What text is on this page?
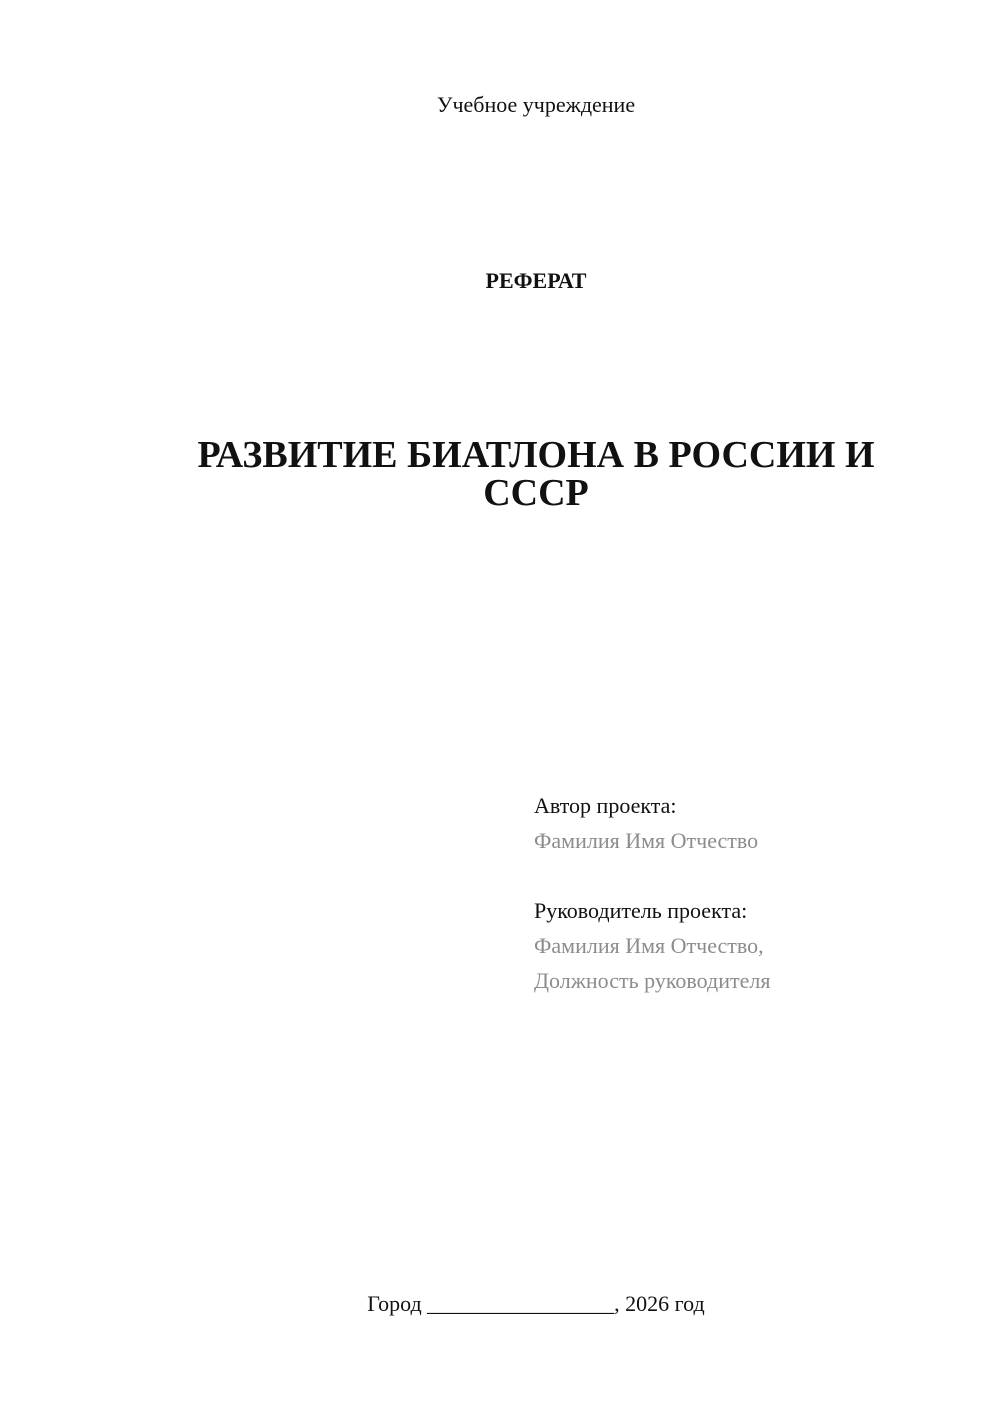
Учебное учреждение
РЕФЕРАТ
РАЗВИТИЕ БИАТЛОНА В РОССИИ И
СССР
Автор проекта:
Фамилия Имя Отчество
Руководитель проекта:
Фамилия Имя Отчество,
Должность руководителя
Город _________________, 2026 год
